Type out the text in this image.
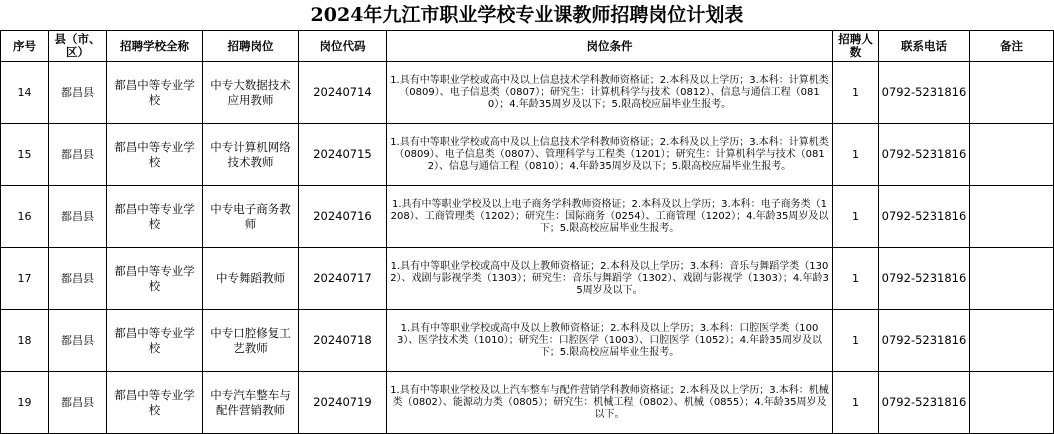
2024年九江市职业学校专业课教师招聘岗位计划表
序号	县（市、区）	招聘学校全称	招聘岗位	岗位代码	岗位条件	招聘人数	联系电话	备注
14	都昌县	都昌中等专业学校	中专大数据技术应用教师	20240714	1.具有中等职业学校或高中及以上信息技术学科教师资格证；2.本科及以上学历；3.本科：计算机类（0809）、电子信息类（0807）；研究生：计算机科学与技术（0812）、信息与通信工程（0810）；4.年龄35周岁及以下；5.限高校应届毕业生报考。	1	0792-5231816	
15	都昌县	都昌中等专业学校	中专计算机网络技术教师	20240715	1.具有中等职业学校或高中及以上信息技术学科教师资格证；2.本科及以上学历；3.本科：计算机类（0809）、电子信息类（0807）、管理科学与工程类（1201）；研究生：计算机科学与技术（0812）、信息与通信工程（0810）；4.年龄35周岁及以下；5.限高校应届毕业生报考。	1	0792-5231816	
16	都昌县	都昌中等专业学校	中专电子商务教师	20240716	1.具有中等职业学校及以上电子商务学科教师资格证；2.本科及以上学历；3.本科：电子商务类（1208）、工商管理类（1202）；研究生：国际商务（0254）、工商管理（1202）；4.年龄35周岁及以下；5.限高校应届毕业生报考。	1	0792-5231816	
17	都昌县	都昌中等专业学校	中专舞蹈教师	20240717	1.具有中等职业学校或高中及以上教师资格证；2.本科及以上学历；3.本科：音乐与舞蹈学类（1302）、戏剧与影视学类（1303）；研究生：音乐与舞蹈学（1302）、戏剧与影视学（1303）；4.年龄35周岁及以下。	1	0792-5231816	
18	都昌县	都昌中等专业学校	中专口腔修复工艺教师	20240718	1.具有中等职业学校或高中及以上教师资格证；2.本科及以上学历；3.本科：口腔医学类（1003）、医学技术类（1010）；研究生：口腔医学（1003）、口腔医学（1052）；4.年龄35周岁及以下；5.限高校应届毕业生报考。	1	0792-5231816	
19	都昌县	都昌中等专业学校	中专汽车整车与配件营销教师	20240719	1.具有中等职业学校及以上汽车整车与配件营销学科教师资格证；2.本科及以上学历；3.本科：机械类（0802）、能源动力类（0805）；研究生：机械工程（0802）、机械（0855）；4.年龄35周岁及以下。	1	0792-5231816	
